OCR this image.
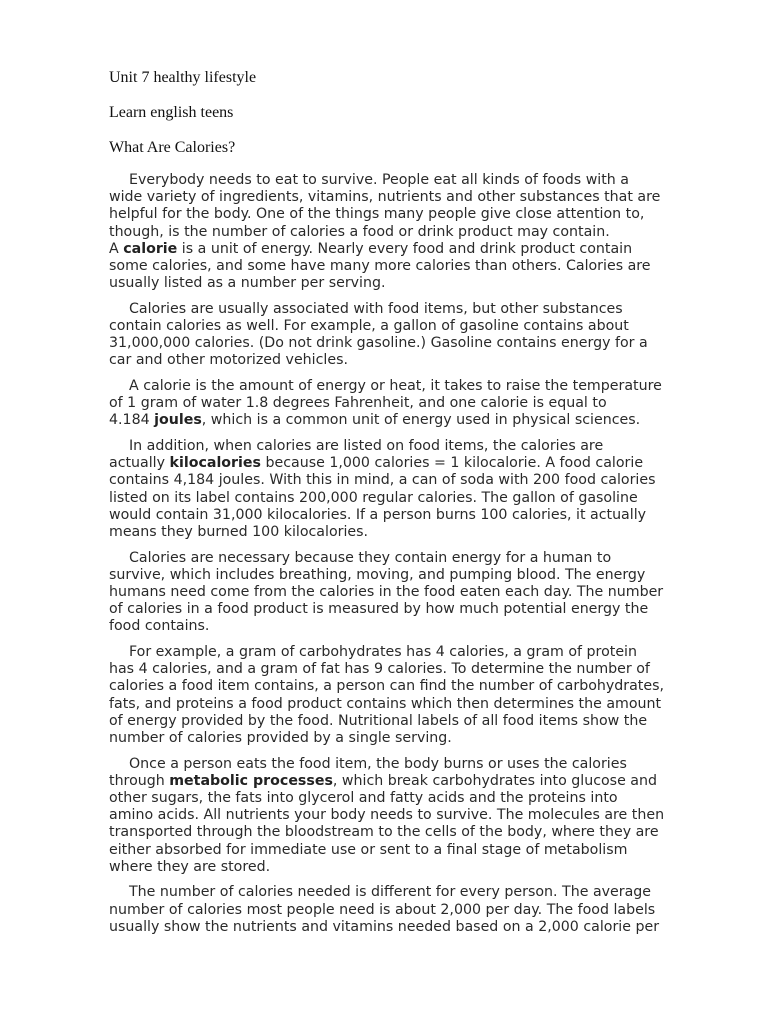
Unit 7 healthy lifestyle

Learn english teens

What Are Calories?

Everybody needs to eat to survive. People eat all kinds of foods with a
wide variety of ingredients, vitamins, nutrients and other substances that are
helpful for the body. One of the things many people give close attention to,
though, is the number of calories a food or drink product may contain.
A calorie is a unit of energy. Nearly every food and drink product contain
some calories, and some have many more calories than others. Calories are
usually listed as a number per serving.
Calories are usually associated with food items, but other substances
contain calories as well. For example, a gallon of gasoline contains about
31,000,000 calories. (Do not drink gasoline.) Gasoline contains energy for a
car and other motorized vehicles.
A calorie is the amount of energy or heat, it takes to raise the temperature
of 1 gram of water 1.8 degrees Fahrenheit, and one calorie is equal to
4.184 joules, which is a common unit of energy used in physical sciences.
In addition, when calories are listed on food items, the calories are
actually kilocalories because 1,000 calories = 1 kilocalorie. A food calorie
contains 4,184 joules. With this in mind, a can of soda with 200 food calories
listed on its label contains 200,000 regular calories. The gallon of gasoline
would contain 31,000 kilocalories. If a person burns 100 calories, it actually
means they burned 100 kilocalories.
Calories are necessary because they contain energy for a human to
survive, which includes breathing, moving, and pumping blood. The energy
humans need come from the calories in the food eaten each day. The number
of calories in a food product is measured by how much potential energy the
food contains.
For example, a gram of carbohydrates has 4 calories, a gram of protein
has 4 calories, and a gram of fat has 9 calories. To determine the number of
calories a food item contains, a person can find the number of carbohydrates,
fats, and proteins a food product contains which then determines the amount
of energy provided by the food. Nutritional labels of all food items show the
number of calories provided by a single serving.
Once a person eats the food item, the body burns or uses the calories
through metabolic processes, which break carbohydrates into glucose and
other sugars, the fats into glycerol and fatty acids and the proteins into
amino acids. All nutrients your body needs to survive. The molecules are then
transported through the bloodstream to the cells of the body, where they are
either absorbed for immediate use or sent to a final stage of metabolism
where they are stored.
The number of calories needed is different for every person. The average
number of calories most people need is about 2,000 per day. The food labels
usually show the nutrients and vitamins needed based on a 2,000 calorie per
